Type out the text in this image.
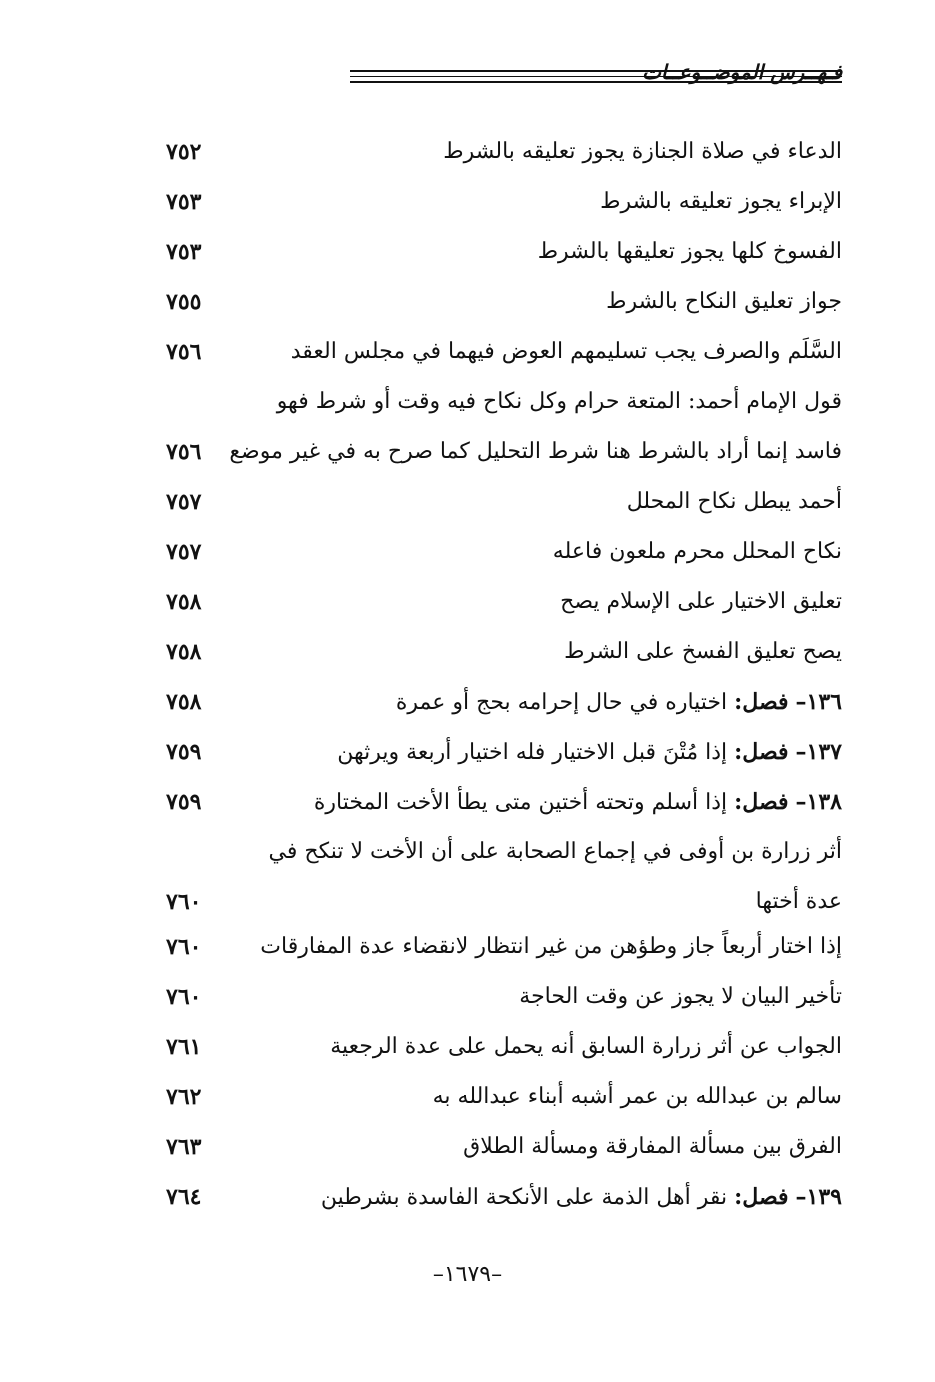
فـهــرس الموضــوعــات
الدعاء في صلاة الجنازة يجوز تعليقه بالشرط
٧٥٢
الإبراء يجوز تعليقه بالشرط
٧٥٣
الفسوخ كلها يجوز تعليقها بالشرط
٧٥٣
جواز تعليق النكاح بالشرط
٧٥٥
السَّلَم والصرف يجب تسليمهم العوض فيهما في مجلس العقد
٧٥٦
قول الإمام أحمد: المتعة حرام وكل نكاح فيه وقت أو شرط فهو
فاسد إنما أراد بالشرط هنا شرط التحليل كما صرح به في غير موضع
٧٥٦
أحمد يبطل نكاح المحلل
٧٥٧
نكاح المحلل محرم ملعون فاعله
٧٥٧
تعليق الاختيار على الإسلام يصح
٧٥٨
يصح تعليق الفسخ على الشرط
٧٥٨
١٣٦– فصل: اختياره في حال إحرامه بحج أو عمرة
٧٥٨
١٣٧– فصل: إذا مُتْنَ قبل الاختيار فله اختيار أربعة ويرثهن
٧٥٩
١٣٨– فصل: إذا أسلم وتحته أختين متى يطأ الأخت المختارة
٧٥٩
أثر زرارة بن أوفى في إجماع الصحابة على أن الأخت لا تنكح في
عدة أختها
٧٦٠
إذا اختار أربعاً جاز وطؤهن من غير انتظار لانقضاء عدة المفارقات
٧٦٠
تأخير البيان لا يجوز عن وقت الحاجة
٧٦٠
الجواب عن أثر زرارة السابق أنه يحمل على عدة الرجعية
٧٦١
سالم بن عبدالله بن عمر أشبه أبناء عبدالله به
٧٦٢
الفرق بين مسألة المفارقة ومسألة الطلاق
٧٦٣
١٣٩– فصل: نقر أهل الذمة على الأنكحة الفاسدة بشرطين
٧٦٤
–١٦٧٩–
